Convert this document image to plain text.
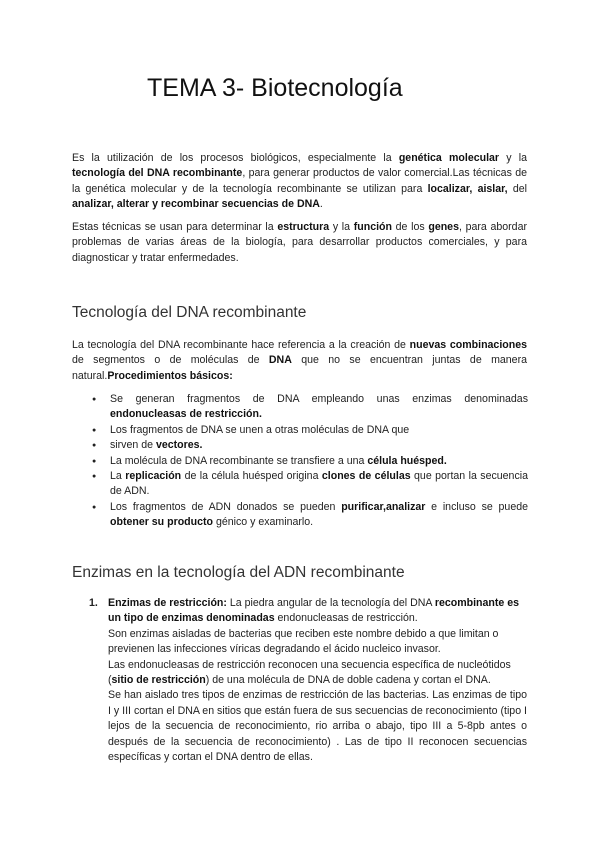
TEMA 3- Biotecnología

Es la utilización de los procesos biológicos, especialmente la genética molecular y la tecnología del DNA recombinante, para generar productos de valor comercial.Las técnicas de la genética molecular y de la tecnología recombinante se utilizan para localizar, aislar, del analizar, alterar y recombinar secuencias de DNA.

Estas técnicas se usan para determinar la estructura y la función de los genes, para abordar problemas de varias áreas de la biología, para desarrollar productos comerciales, y para diagnosticar y tratar enfermedades.

Tecnología del DNA recombinante

La tecnología del DNA recombinante hace referencia a la creación de nuevas combinaciones de segmentos o de moléculas de DNA que no se encuentran juntas de manera natural.Procedimientos básicos:

● Se generan fragmentos de DNA empleando unas enzimas denominadas endonucleasas de restricción.
● Los fragmentos de DNA se unen a otras moléculas de DNA que
● sirven de vectores.
● La molécula de DNA recombinante se transfiere a una célula huésped.
● La replicación de la célula huésped origina clones de células que portan la secuencia de ADN.
● Los fragmentos de ADN donados se pueden purificar,analizar e incluso se puede obtener su producto génico y examinarlo.
Enzimas en la tecnología del ADN recombinante
1. Enzimas de restricción: La piedra angular de la tecnología del DNA recombinante es un tipo de enzimas denominadas endonucleasas de restricción.
Son enzimas aisladas de bacterias que reciben este nombre debido a que limitan o previenen las infecciones víricas degradando el ácido nucleico invasor.
Las endonucleasas de restricción reconocen una secuencia específica de nucleótidos (sitio de restricción) de una molécula de DNA de doble cadena y cortan el DNA.
Se han aislado tres tipos de enzimas de restricción de las bacterias. Las enzimas de tipo I y III cortan el DNA en sitios que están fuera de sus secuencias de reconocimiento (tipo I lejos de la secuencia de reconocimiento, rio arriba o abajo, tipo III a 5-8pb antes o después de la secuencia de reconocimiento) . Las de tipo II reconocen secuencias específicas y cortan el DNA dentro de ellas.
